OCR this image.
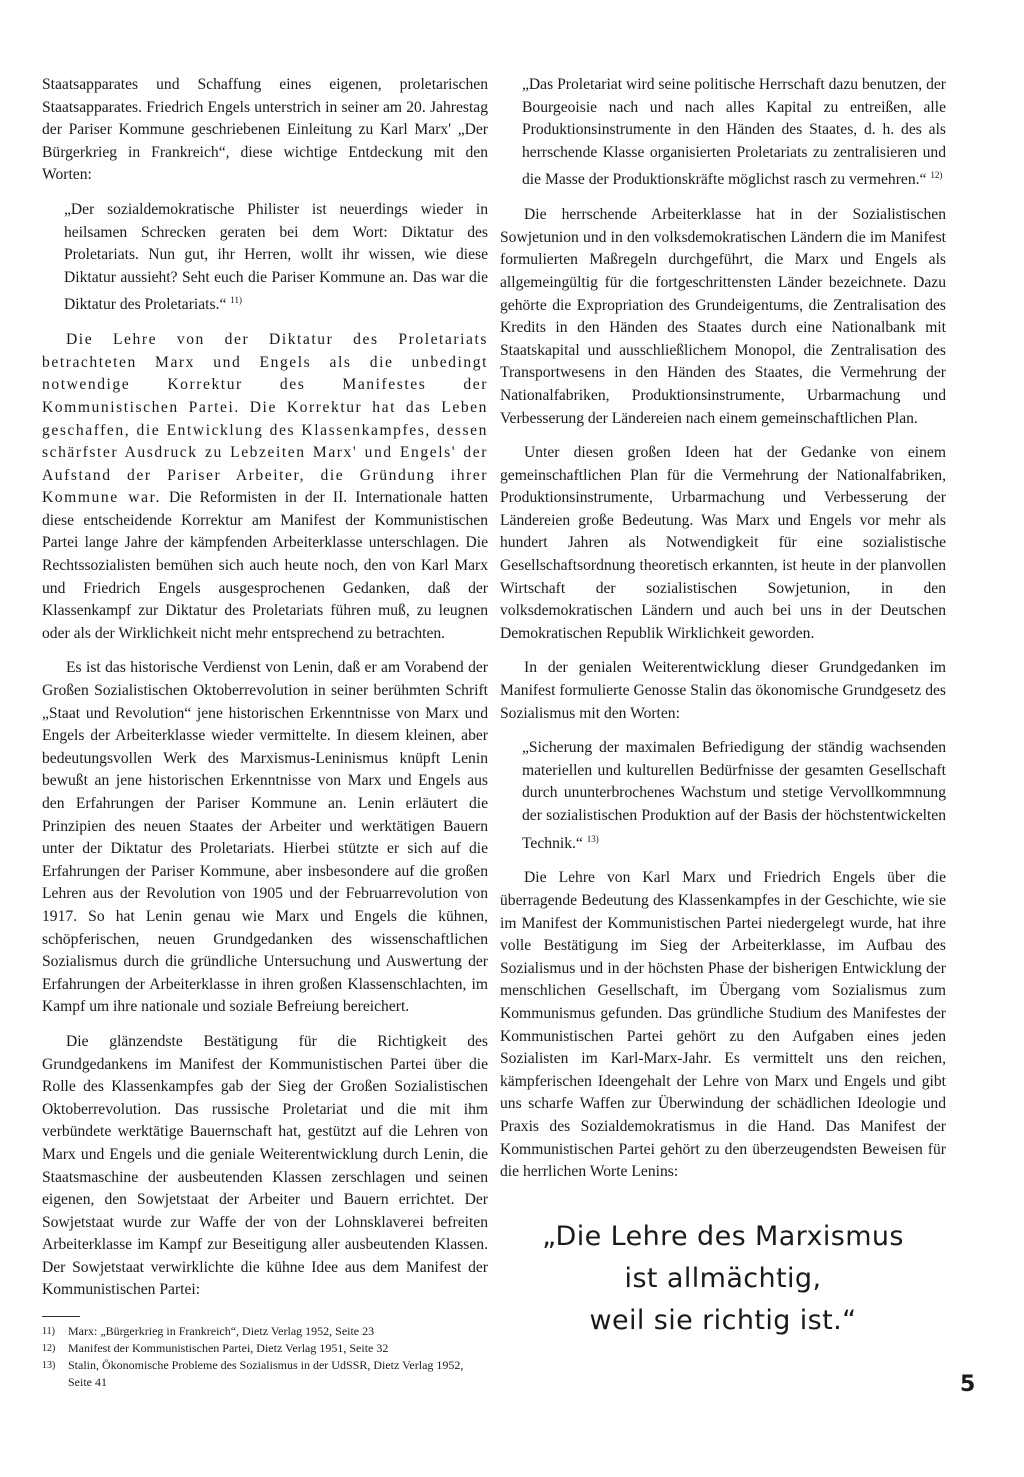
Staatsapparates und Schaffung eines eigenen, proletarischen Staatsapparates. Friedrich Engels unterstrich in seiner am 20. Jahrestag der Pariser Kommune geschriebenen Einleitung zu Karl Marx' „Der Bürgerkrieg in Frankreich“, diese wichtige Entdeckung mit den Worten:

„Der sozialdemokratische Philister ist neuerdings wieder in heilsamen Schrecken geraten bei dem Wort: Diktatur des Proletariats. Nun gut, ihr Herren, wollt ihr wissen, wie diese Diktatur aussieht? Seht euch die Pariser Kommune an. Das war die Diktatur des Proletariats.“ $^{11)}$

Die Lehre von der Diktatur des Proletariats betrachteten Marx und Engels als die unbedingt notwendige Korrektur des Manifestes der Kommunistischen Partei. Die Korrektur hat das Leben geschaffen, die Entwicklung des Klassenkampfes, dessen schärfster Ausdruck zu Lebzeiten Marx' und Engels' der Aufstand der Pariser Arbeiter, die Gründung ihrer Kommune war. Die Reformisten in der II. Internationale hatten diese entscheidende Korrektur am Manifest der Kommunistischen Partei lange Jahre der kämpfenden Arbeiterklasse unterschlagen. Die Rechtssozialisten bemühen sich auch heute noch, den von Karl Marx und Friedrich Engels ausgesprochenen Gedanken, daß der Klassenkampf zur Diktatur des Proletariats führen muß, zu leugnen oder als der Wirklichkeit nicht mehr entsprechend zu betrachten.

Es ist das historische Verdienst von Lenin, daß er am Vorabend der Großen Sozialistischen Oktoberrevolution in seiner berühmten Schrift „Staat und Revolution“ jene historischen Erkenntnisse von Marx und Engels der Arbeiterklasse wieder vermittelte. In diesem kleinen, aber bedeutungsvollen Werk des Marxismus-Leninismus knüpft Lenin bewußt an jene historischen Erkenntnisse von Marx und Engels aus den Erfahrungen der Pariser Kommune an. Lenin erläutert die Prinzipien des neuen Staates der Arbeiter und werktätigen Bauern unter der Diktatur des Proletariats. Hierbei stützte er sich auf die Erfahrungen der Pariser Kommune, aber insbesondere auf die großen Lehren aus der Revolution von 1905 und der Februarrevolution von 1917. So hat Lenin genau wie Marx und Engels die kühnen, schöpferischen, neuen Grundgedanken des wissenschaftlichen Sozialismus durch die gründliche Untersuchung und Auswertung der Erfahrungen der Arbeiterklasse in ihren großen Klassenschlachten, im Kampf um ihre nationale und soziale Befreiung bereichert.

Die glänzendste Bestätigung für die Richtigkeit des Grundgedankens im Manifest der Kommunistischen Partei über die Rolle des Klassenkampfes gab der Sieg der Großen Sozialistischen Oktoberrevolution. Das russische Proletariat und die mit ihm verbündete werktätige Bauernschaft hat, gestützt auf die Lehren von Marx und Engels und die geniale Weiterentwicklung durch Lenin, die Staatsmaschine der ausbeutenden Klassen zerschlagen und seinen eigenen, den Sowjetstaat der Arbeiter und Bauern errichtet. Der Sowjetstaat wurde zur Waffe der von der Lohnsklaverei befreiten Arbeiterklasse im Kampf zur Beseitigung aller ausbeutenden Klassen. Der Sowjetstaat verwirklichte die kühne Idee aus dem Manifest der Kommunistischen Partei:

11) Marx: „Bürgerkrieg in Frankreich“, Dietz Verlag 1952, Seite 23

12) Manifest der Kommunistischen Partei, Dietz Verlag 1951, Seite 32

13) Stalin, Ökonomische Probleme des Sozialismus in der UdSSR, Dietz Verlag 1952, Seite 41

„Das Proletariat wird seine politische Herrschaft dazu benutzen, der Bourgeoisie nach und nach alles Kapital zu entreißen, alle Produktionsinstrumente in den Händen des Staates, d. h. des als herrschende Klasse organisierten Proletariats zu zentralisieren und die Masse der Produktionskräfte möglichst rasch zu vermehren.“ $^{12)}$

Die herrschende Arbeiterklasse hat in der Sozialistischen Sowjetunion und in den volksdemokratischen Ländern die im Manifest formulierten Maßregeln durchgeführt, die Marx und Engels als allgemeingültig für die fortgeschrittensten Länder bezeichnete. Dazu gehörte die Expropriation des Grundeigentums, die Zentralisation des Kredits in den Händen des Staates durch eine Nationalbank mit Staatskapital und ausschließlichem Monopol, die Zentralisation des Transportwesens in den Händen des Staates, die Vermehrung der Nationalfabriken, Produktionsinstrumente, Urbarmachung und Verbesserung der Ländereien nach einem gemeinschaftlichen Plan.

Unter diesen großen Ideen hat der Gedanke von einem gemeinschaftlichen Plan für die Vermehrung der Nationalfabriken, Produktionsinstrumente, Urbarmachung und Verbesserung der Ländereien große Bedeutung. Was Marx und Engels vor mehr als hundert Jahren als Notwendigkeit für eine sozialistische Gesellschaftsordnung theoretisch erkannten, ist heute in der planvollen Wirtschaft der sozialistischen Sowjetunion, in den volksdemokratischen Ländern und auch bei uns in der Deutschen Demokratischen Republik Wirklichkeit geworden.

In der genialen Weiterentwicklung dieser Grundgedanken im Manifest formulierte Genosse Stalin das ökonomische Grundgesetz des Sozialismus mit den Worten:

„Sicherung der maximalen Befriedigung der ständig wachsenden materiellen und kulturellen Bedürfnisse der gesamten Gesellschaft durch ununterbrochenes Wachstum und stetige Vervollkommnung der sozialistischen Produktion auf der Basis der höchstentwickelten Technik.“ $^{13)}$

Die Lehre von Karl Marx und Friedrich Engels über die überragende Bedeutung des Klassenkampfes in der Geschichte, wie sie im Manifest der Kommunistischen Partei niedergelegt wurde, hat ihre volle Bestätigung im Sieg der Arbeiterklasse, im Aufbau des Sozialismus und in der höchsten Phase der bisherigen Entwicklung der menschlichen Gesellschaft, im Übergang vom Sozialismus zum Kommunismus gefunden. Das gründliche Studium des Manifestes der Kommunistischen Partei gehört zu den Aufgaben eines jeden Sozialisten im Karl-Marx-Jahr. Es vermittelt uns den reichen, kämpferischen Ideengehalt der Lehre von Marx und Engels und gibt uns scharfe Waffen zur Überwindung der schädlichen Ideologie und Praxis des Sozialdemokratismus in die Hand. Das Manifest der Kommunistischen Partei gehört zu den überzeugendsten Beweisen für die herrlichen Worte Lenins:

„Die Lehre des Marxismus
ist allmächtig,
weil sie richtig ist.“
5
